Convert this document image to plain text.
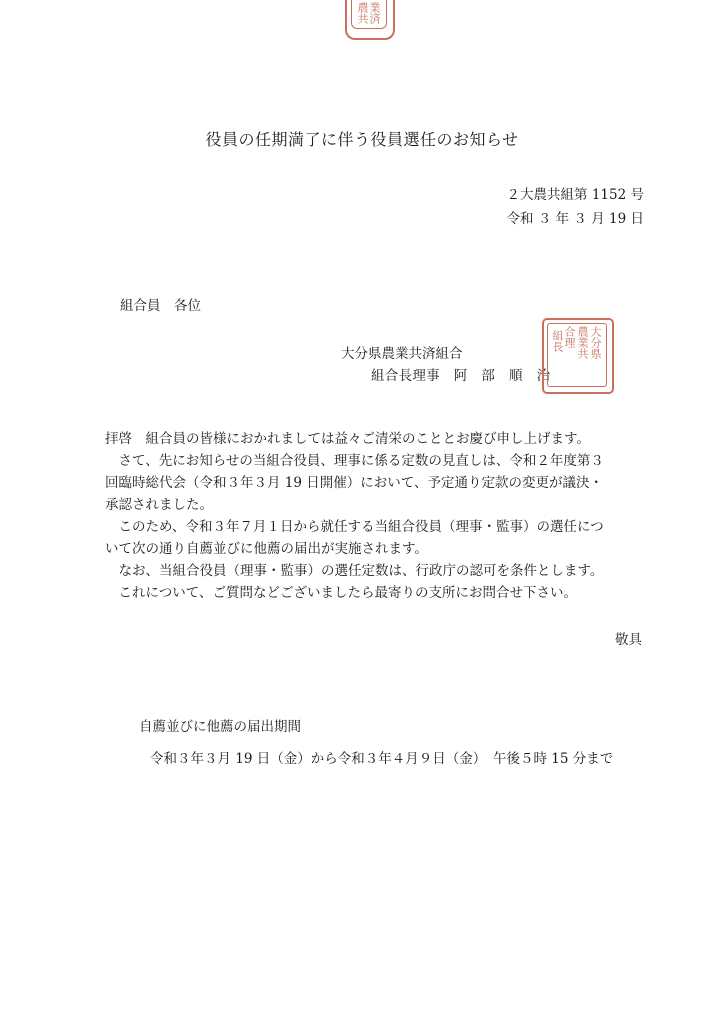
農共 業済
役員の任期満了に伴う役員選任のお知らせ
２大農共組第 1152 号
令和 ３ 年 ３ 月 19 日
組合員　各位
大分県農業共済組合
組合長理事　阿　部　順　治
組長 合理 農業共 大分県
拝啓　組合員の皆様におかれましては益々ご清栄のこととお慶び申し上げます。
　さて、先にお知らせの当組合役員、理事に係る定数の見直しは、令和２年度第３
回臨時総代会（令和３年３月 19 日開催）において、予定通り定款の変更が議決・
承認されました。
　このため、令和３年７月１日から就任する当組合役員（理事・監事）の選任につ
いて次の通り自薦並びに他薦の届出が実施されます。
　なお、当組合役員（理事・監事）の選任定数は、行政庁の認可を条件とします。
　これについて、ご質問などございましたら最寄りの支所にお問合せ下さい。
敬具
自薦並びに他薦の届出期間
令和３年３月 19 日（金）から令和３年４月９日（金）　午後５時 15 分まで
